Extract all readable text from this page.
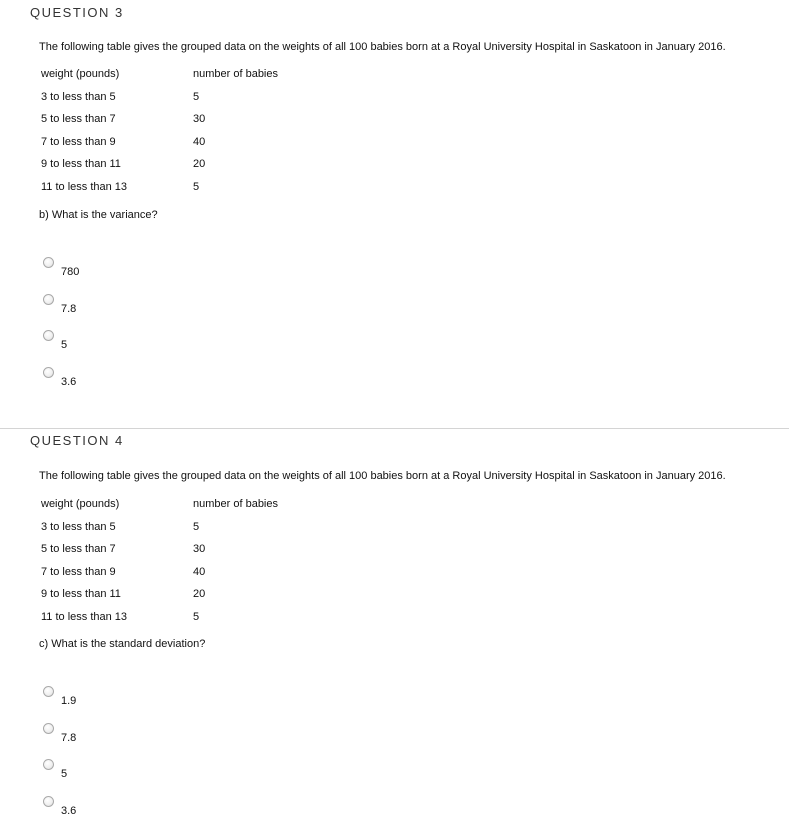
QUESTION 3
The following table gives the grouped data on the weights of all 100 babies born at a Royal University Hospital in Saskatoon in January 2016.
weight (pounds)	number of babies
3 to less than 5	5
5 to less than 7	30
7 to less than 9	40
9 to less than 11	20
11 to less than 13	5
b) What is the variance?
780
7.8
5
3.6
QUESTION 4
The following table gives the grouped data on the weights of all 100 babies born at a Royal University Hospital in Saskatoon in January 2016.
weight (pounds)	number of babies
3 to less than 5	5
5 to less than 7	30
7 to less than 9	40
9 to less than 11	20
11 to less than 13	5
c) What is the standard deviation?
1.9
7.8
5
3.6
